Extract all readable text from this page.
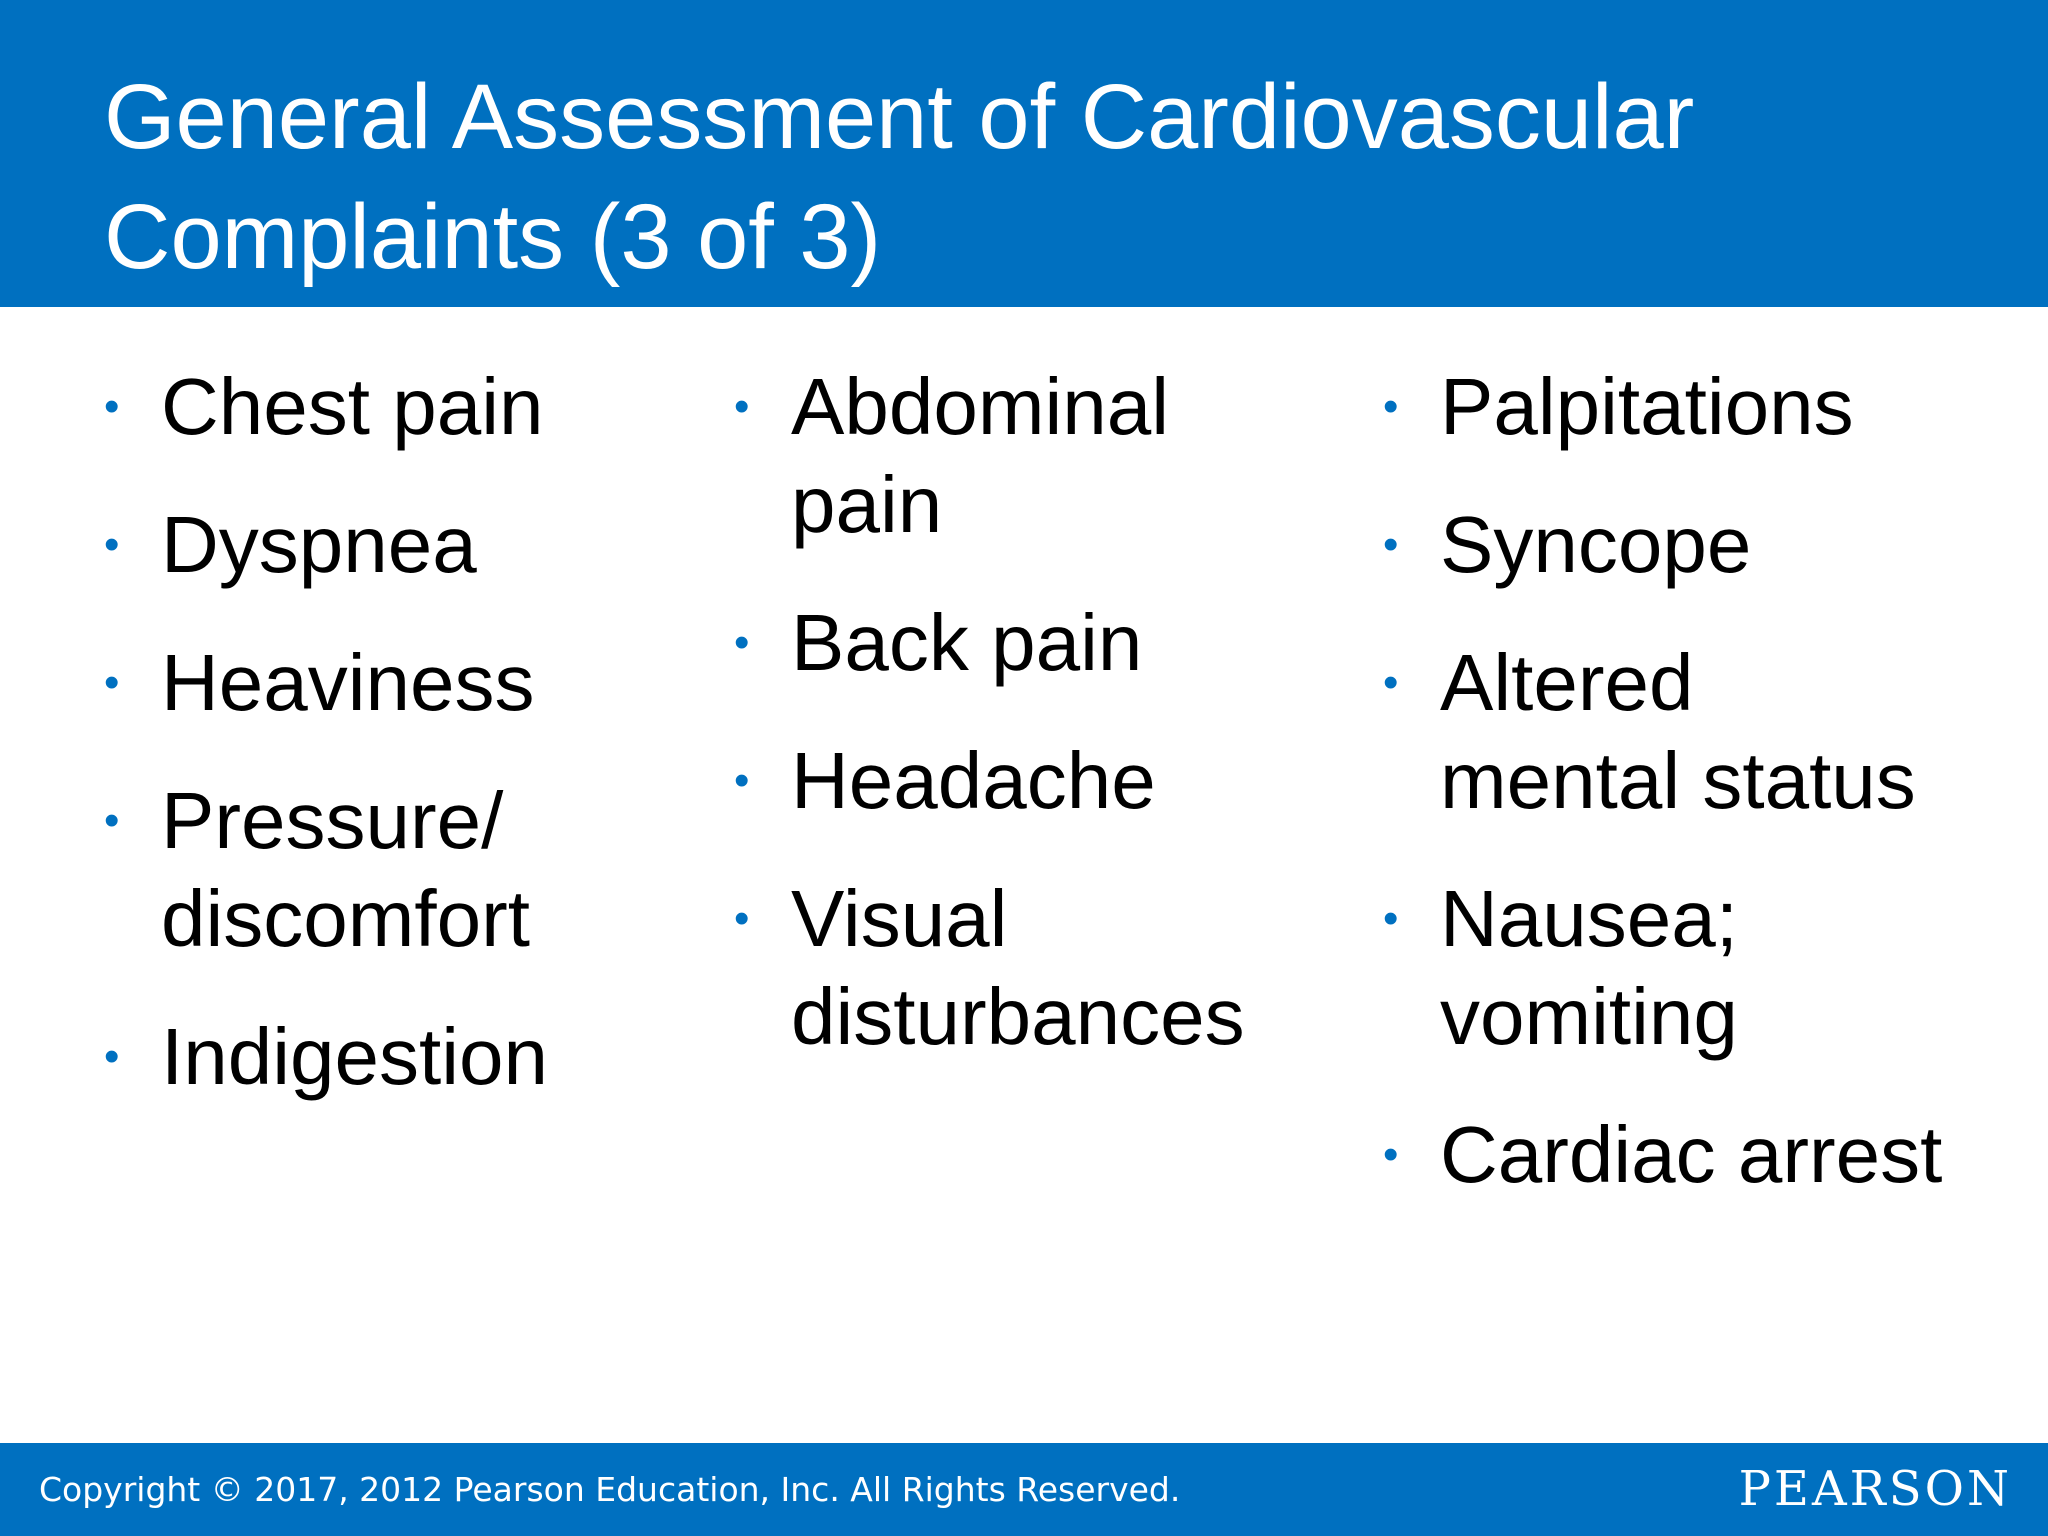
General Assessment of Cardiovascular
Complaints (3 of 3)
• Chest pain
• Dyspnea
• Heaviness
• Pressure/
discomfort
• Indigestion
• Abdominal
pain
• Back pain
• Headache
• Visual
disturbances
• Palpitations
• Syncope
• Altered
mental status
• Nausea;
vomiting
• Cardiac arrest
Copyright © 2017, 2012 Pearson Education, Inc. All Rights Reserved.	PEARSON
